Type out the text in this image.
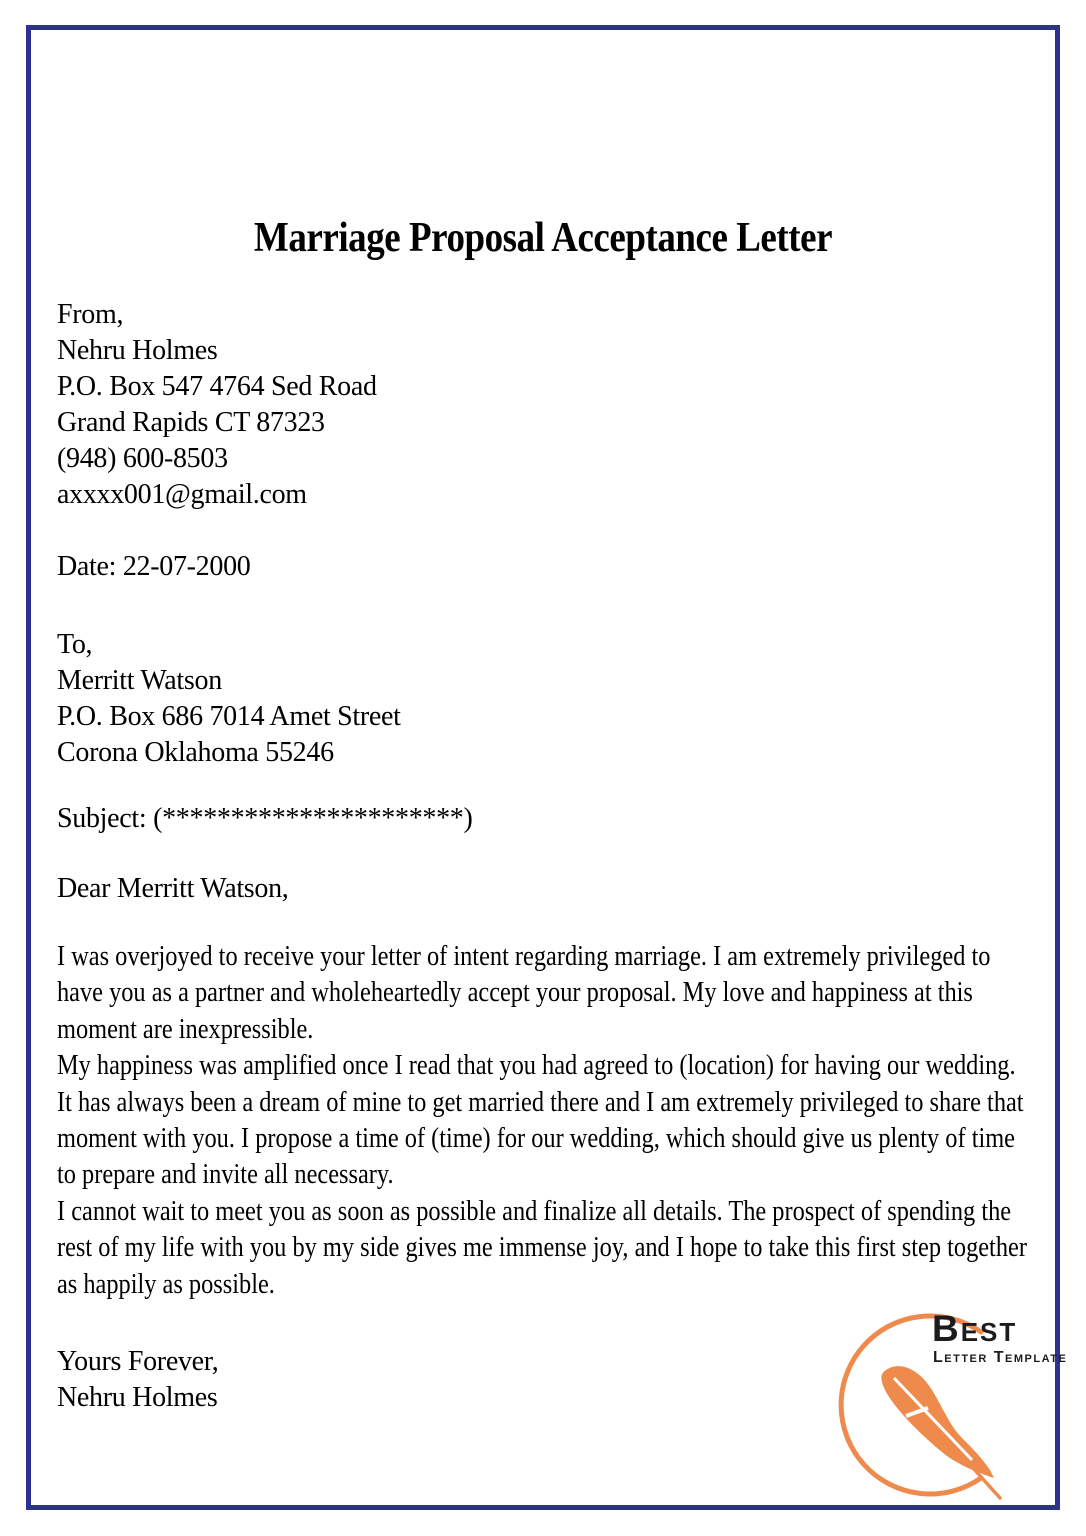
Marriage Proposal Acceptance Letter
From,
Nehru Holmes
P.O. Box 547 4764 Sed Road
Grand Rapids CT 87323
(948) 600-8503
axxxx001@gmail.com
Date: 22-07-2000
To,
Merritt Watson
P.O. Box 686 7014 Amet Street
Corona Oklahoma 55246
Subject: (**********************)
Dear Merritt Watson,

I was overjoyed to receive your letter of intent regarding marriage. I am extremely privileged to have you as a partner and wholeheartedly accept your proposal. My love and happiness at this moment are inexpressible.

My happiness was amplified once I read that you had agreed to (location) for having our wedding. It has always been a dream of mine to get married there and I am extremely privileged to share that moment with you. I propose a time of (time) for our wedding, which should give us plenty of time to prepare and invite all necessary.

I cannot wait to meet you as soon as possible and finalize all details. The prospect of spending the rest of my life with you by my side gives me immense joy, and I hope to take this first step together as happily as possible.

Yours Forever,
Nehru Holmes
Best
Letter Template
